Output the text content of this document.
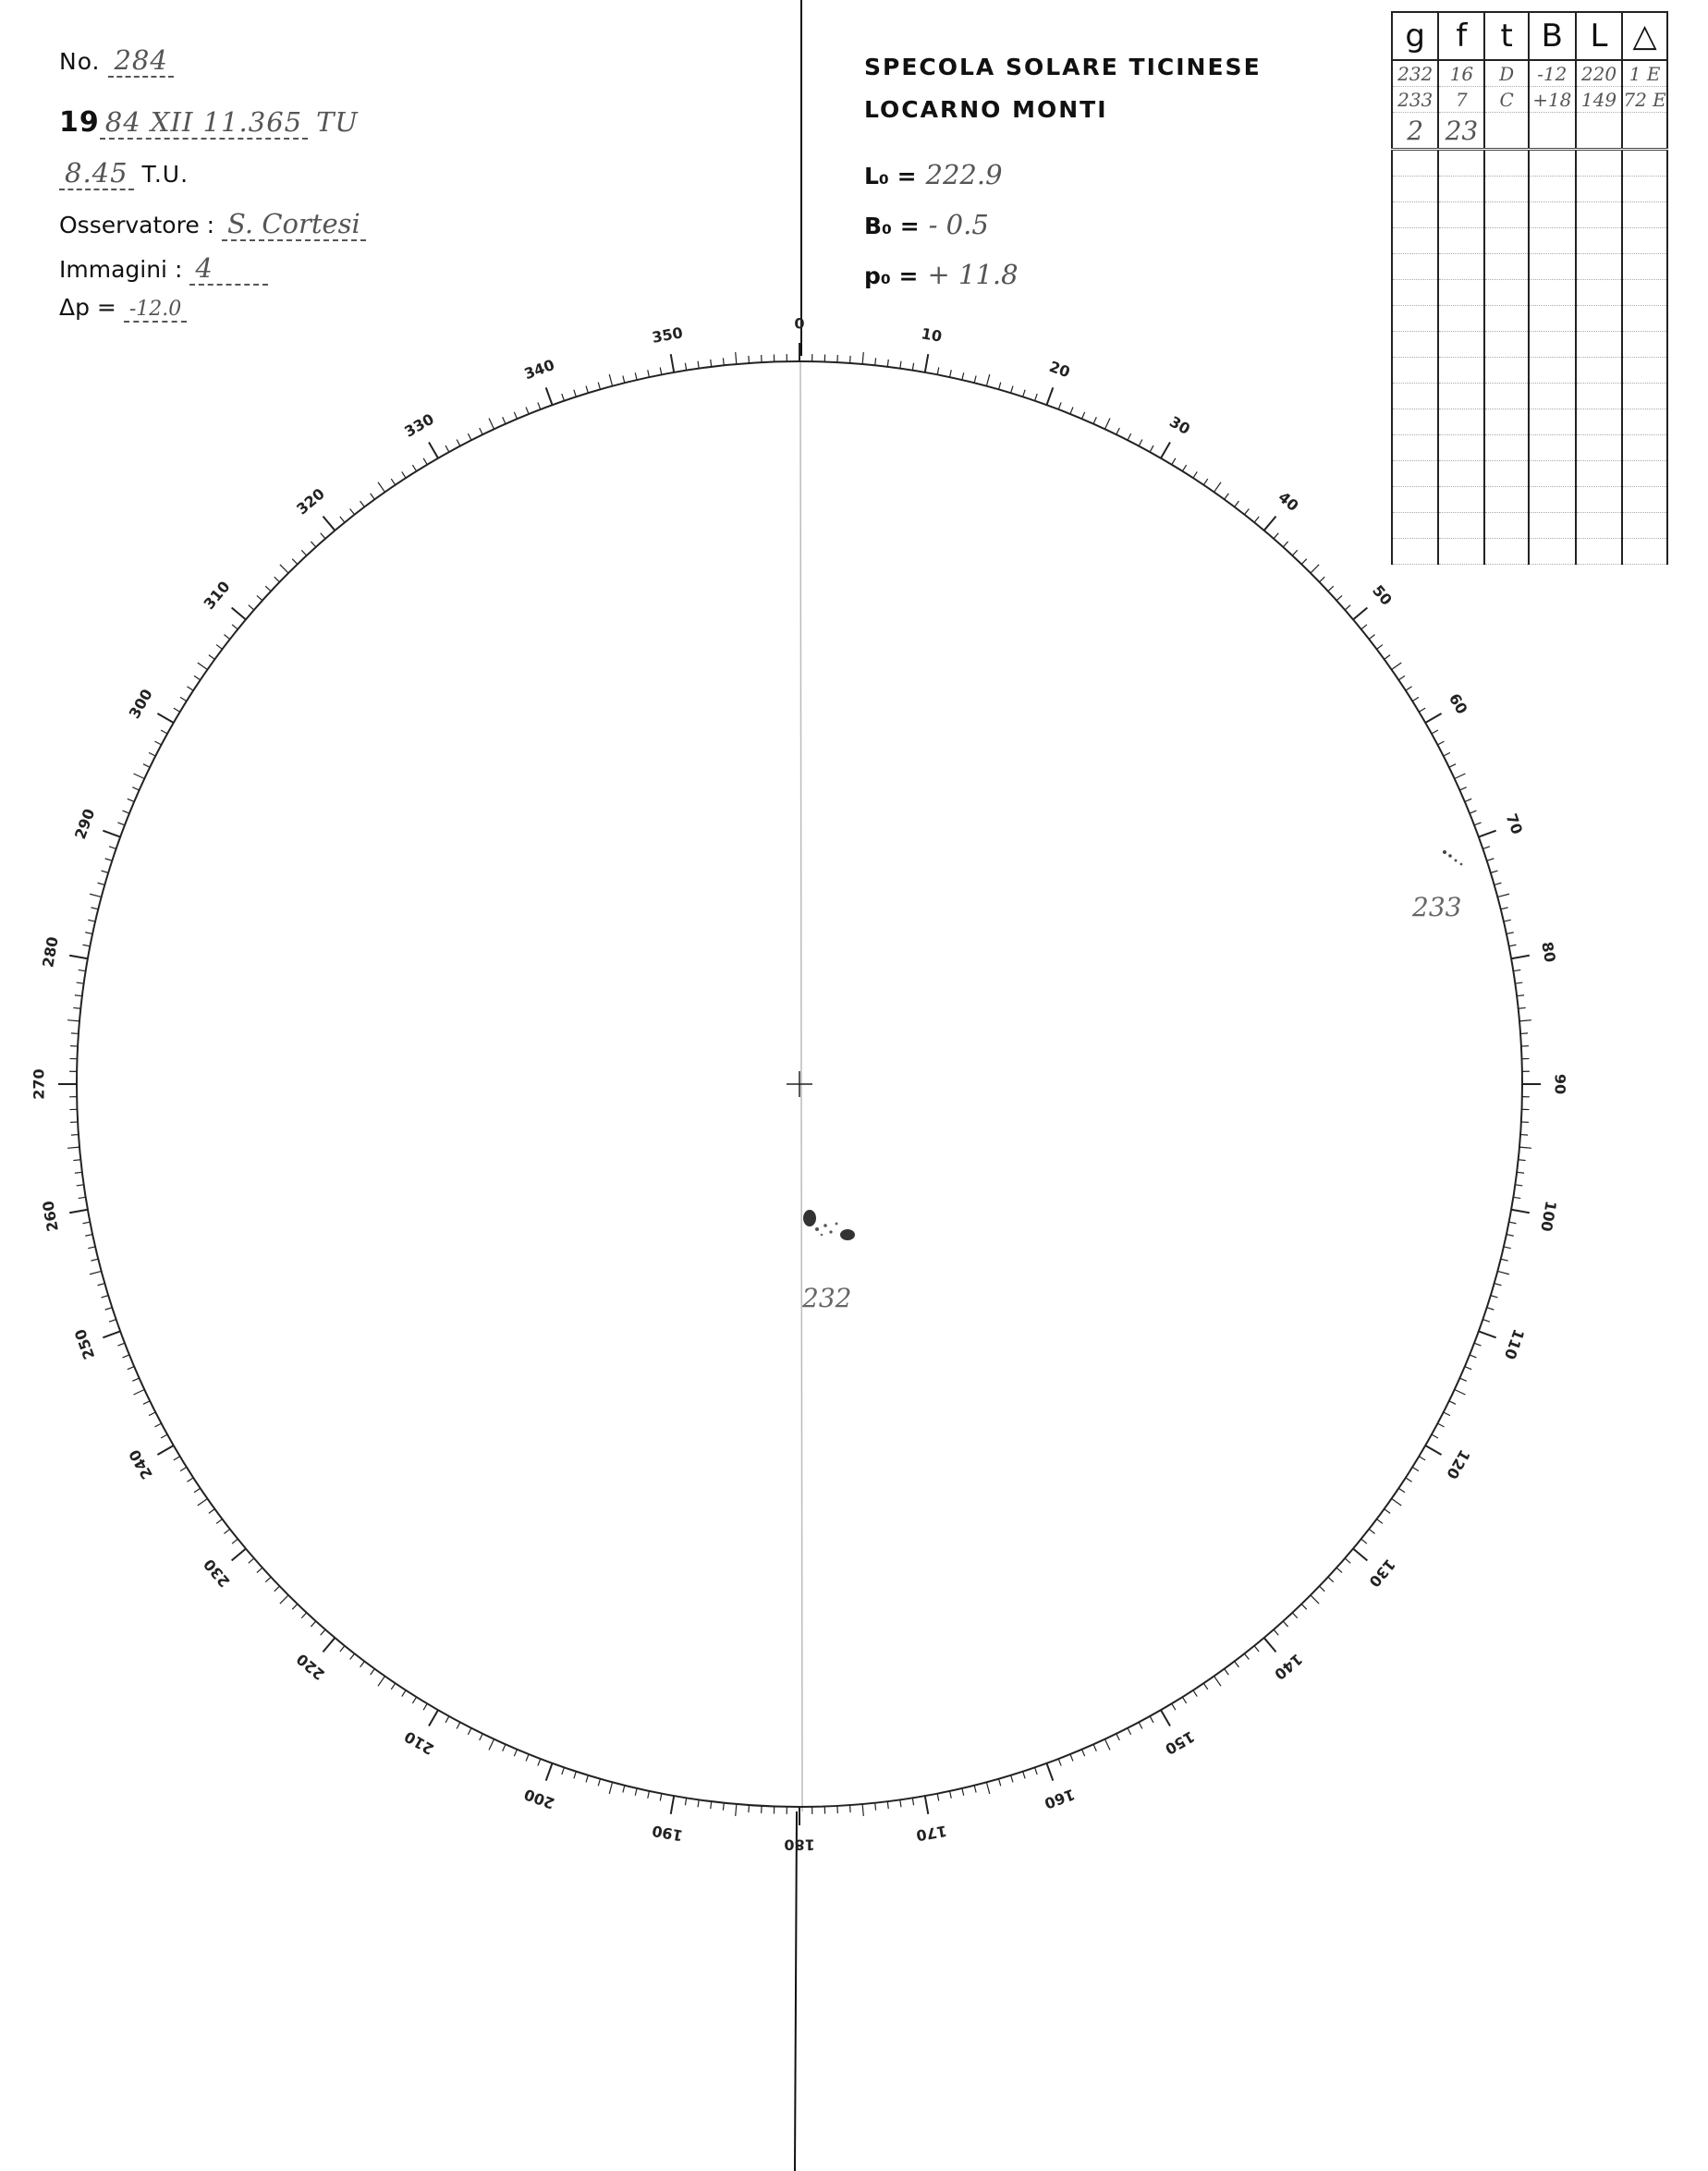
No. 284
19 84 XII 11.365 TU
8.45 T.U.
Osservatore : S. Cortesi
Immagini : 4
Δp = -12.0
SPECOLA SOLARE TICINESE
LOCARNO MONTI
L₀ = 222.9
B₀ = - 0.5
p₀ = + 11.8
g	f	t	B	L	△
232	16	D	-12	220	1 E
233	7	C	+18	149	72 E
2	23				

0
10
20
30
40
50
60
70
80
90
100
110
120
130
140
150
160
170
180
190
200
210
220
230
240
250
260
270
280
290
300
310
320
330
340
350
233
232
